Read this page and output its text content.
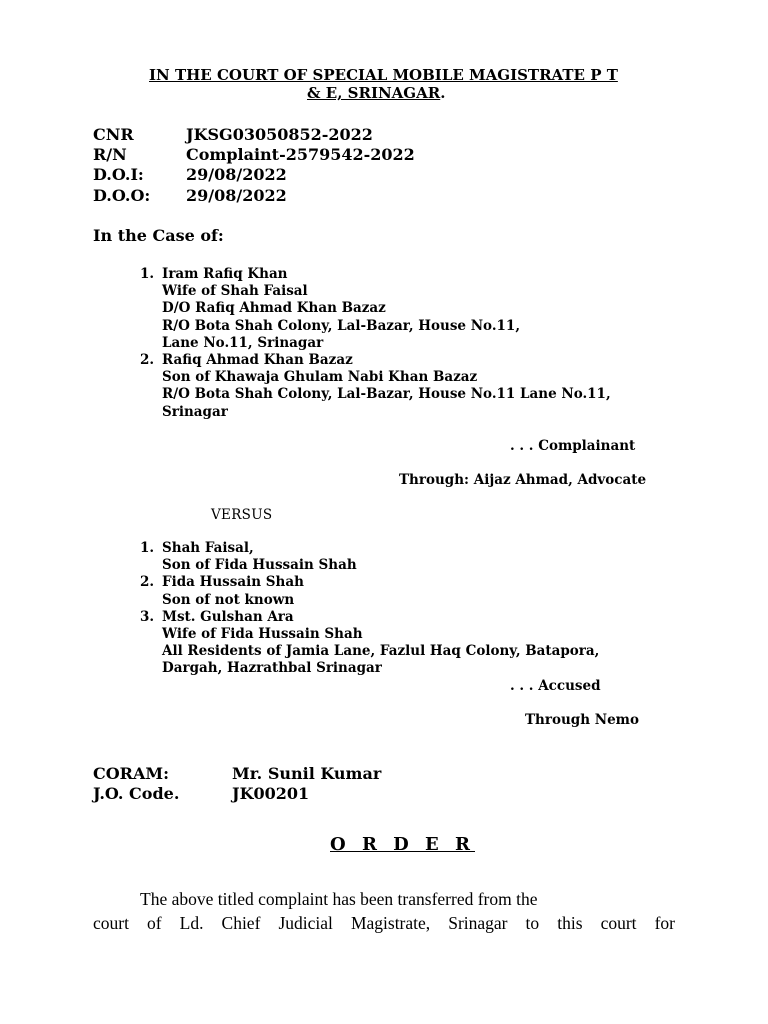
IN THE COURT OF SPECIAL MOBILE MAGISTRATE P T
& E, SRINAGAR.
CNR	JKSG03050852-2022
R/N	Complaint-2579542-2022
D.O.I:	29/08/2022
D.O.O: 29/08/2022
In the Case of:
1. Iram Rafiq Khan
Wife of Shah Faisal
D/O Rafiq Ahmad Khan Bazaz
R/O Bota Shah Colony, Lal-Bazar, House No.11,
Lane No.11, Srinagar
2. Rafiq Ahmad Khan Bazaz
Son of Khawaja Ghulam Nabi Khan Bazaz
R/O Bota Shah Colony, Lal-Bazar, House No.11 Lane No.11,
Srinagar
. . . Complainant
Through: Aijaz Ahmad, Advocate
VERSUS
1. Shah Faisal,
Son of Fida Hussain Shah
2. Fida Hussain Shah
Son of not known
3. Mst. Gulshan Ara
Wife of Fida Hussain Shah
All Residents of Jamia Lane, Fazlul Haq Colony, Batapora,
Dargah, Hazrathbal Srinagar
. . . Accused
Through Nemo
CORAM:	Mr. Sunil Kumar
J.O. Code.	JK00201
O R D E R
The above titled complaint has been transferred from the
court of Ld. Chief Judicial Magistrate, Srinagar to this court for
